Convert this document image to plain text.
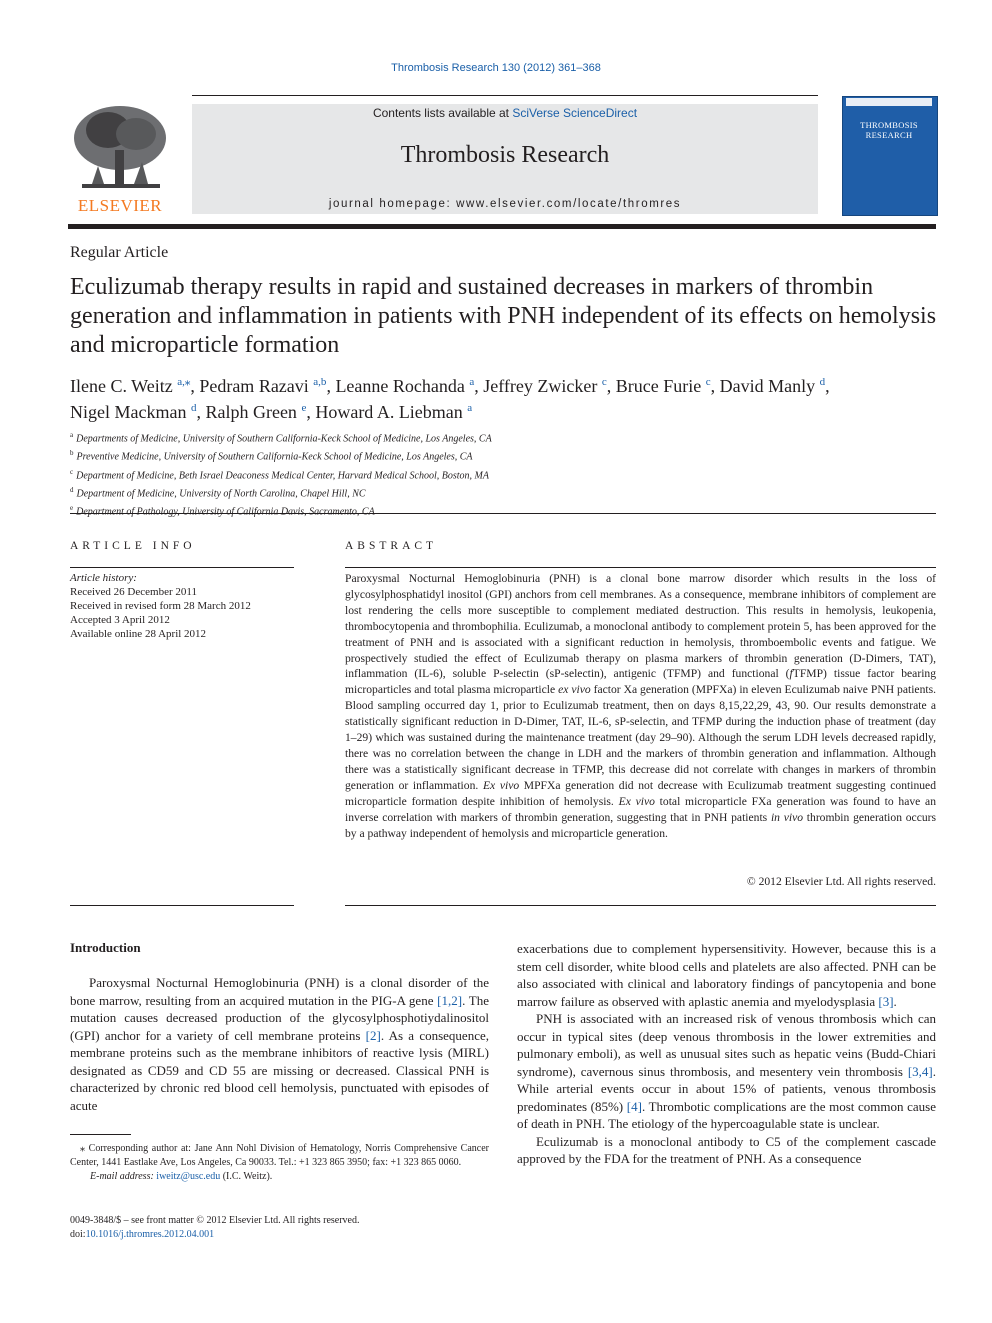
Thrombosis Research 130 (2012) 361–368
ELSEVIER
Contents lists available at SciVerse ScienceDirect
Thrombosis Research
journal homepage: www.elsevier.com/locate/thromres
THROMBOSIS
RESEARCH
Regular Article
Eculizumab therapy results in rapid and sustained decreases in markers of thrombin generation and inflammation in patients with PNH independent of its effects on hemolysis and microparticle formation
Ilene C. Weitz $^{a,⁎}$, Pedram Razavi $^{a,b}$, Leanne Rochanda $^a$, Jeffrey Zwicker $^c$, Bruce Furie $^c$, David Manly $^d$,
Nigel Mackman $^d$, Ralph Green $^e$, Howard A. Liebman $^a$
$^a$ Departments of Medicine, University of Southern California-Keck School of Medicine, Los Angeles, CA
$^b$ Preventive Medicine, University of Southern California-Keck School of Medicine, Los Angeles, CA
$^c$ Department of Medicine, Beth Israel Deaconess Medical Center, Harvard Medical School, Boston, MA
$^d$ Department of Medicine, University of North Carolina, Chapel Hill, NC
$^e$
ARTICLE INFO
Article history:
Received 26 December 2011
Received in revised form 28 March 2012
Accepted 3 April 2012
Available online 28 April 2012
ABSTRACT
Paroxysmal Nocturnal Hemoglobinuria (PNH) is a clonal bone marrow disorder which results in the loss of glycosylphosphatidyl inositol (GPI) anchors from cell membranes. As a consequence, membrane inhibitors of complement are lost rendering the cells more susceptible to complement mediated destruction. This results in hemolysis, leukopenia, thrombocytopenia and thrombophilia. Eculizumab, a monoclonal antibody to complement protein 5, has been approved for the treatment of PNH and is associated with a significant reduction in hemolysis, thromboembolic events and fatigue. We prospectively studied the effect of Eculizumab therapy on plasma markers of thrombin generation (D-Dimers, TAT), inflammation (IL-6), soluble P-selectin (sP-selectin), antigenic (TFMP) and functional (fTFMP) tissue factor bearing microparticles and total plasma microparticle ex vivo factor Xa generation (MPFXa) in eleven Eculizumab naive PNH patients. Blood sampling occurred day 1, prior to Eculizumab treatment, then on days 8,15,22,29, 43, 90. Our results demonstrate a statistically significant reduction in D-Dimer, TAT, IL-6, sP-selectin, and TFMP during the induction phase of treatment (day 1–29) which was sustained during the maintenance treatment (day 29–90). Although the serum LDH levels decreased rapidly, there was no correlation between the change in LDH and the markers of thrombin generation and inflammation. Although there was a statistically significant decrease in TFMP, this decrease did not correlate with changes in markers of thrombin generation or inflammation. Ex vivo MPFXa generation did not decrease with Eculizumab treatment suggesting continued microparticle formation despite inhibition of hemolysis. Ex vivo total microparticle FXa generation was found to have an inverse correlation with markers of thrombin generation, suggesting that in PNH patients in vivo thrombin generation occurs by a pathway independent of hemolysis and microparticle generation.
© 2012 Elsevier Ltd. All rights reserved.
Introduction

Paroxysmal Nocturnal Hemoglobinuria (PNH) is a clonal disorder of the bone marrow, resulting from an acquired mutation in the PIG-A gene [1,2]. The mutation causes decreased production of the glycosylphosphotiydalinositol (GPI) anchor for a variety of cell membrane proteins [2]. As a consequence, membrane proteins such as the membrane inhibitors of reactive lysis (MIRL) designated as CD59 and CD 55 are missing or decreased. Classical PNH is characterized by chronic red blood cell hemolysis, punctuated with episodes of acute

exacerbations due to complement hypersensitivity. However, because this is a stem cell disorder, white blood cells and platelets are also affected. PNH can be also associated with clinical and laboratory findings of pancytopenia and bone marrow failure as observed with aplastic anemia and myelodysplasia [3].

PNH is associated with an increased risk of venous thrombosis which can occur in typical sites (deep venous thrombosis in the lower extremities and pulmonary emboli), as well as unusual sites such as hepatic veins (Budd-Chiari syndrome), cavernous sinus thrombosis, and mesentery vein thrombosis [3,4]. While arterial events occur in about 15% of patients, venous thrombosis predominates (85%) [4]. Thrombotic complications are the most common cause of death in PNH. The etiology of the hypercoagulable state is unclear.

Eculizumab is a monoclonal antibody to C5 of the complement cascade approved by the FDA for the treatment of PNH. As a consequence

⁎ Corresponding author at: Jane Ann Nohl Division of Hematology, Norris Comprehensive Cancer Center, 1441 Eastlake Ave, Los Angeles, Ca 90033. Tel.: +1 323 865 3950; fax: +1 323 865 0060.
E-mail address: iweitz@usc.edu (I.C. Weitz).
0049-3848/$ – see front matter © 2012 Elsevier Ltd. All rights reserved.
doi:10.1016/j.thromres.2012.04.001
